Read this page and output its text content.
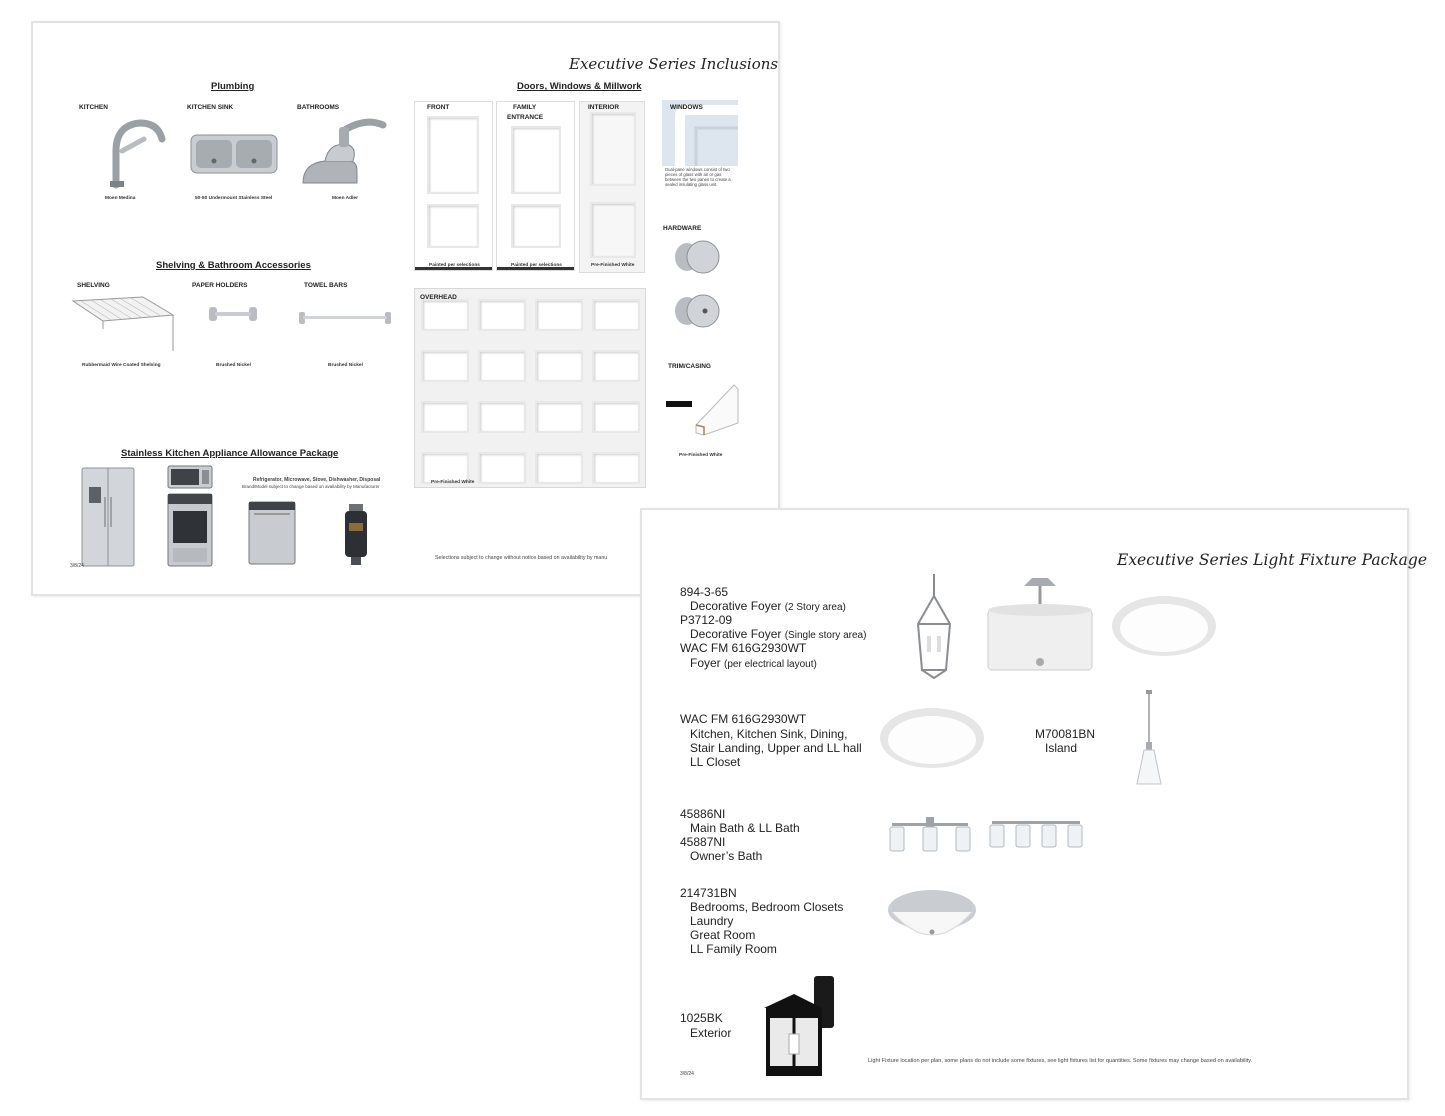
Executive Series Inclusions
Plumbing
KITCHEN	KITCHEN SINK	BATHROOMS
Moen Medina	50-50 Undermount Stainless Steel	Moen Adler
Shelving & Bathroom Accessories
SHELVING	PAPER HOLDERS	TOWEL BARS
Rubbermaid Wire Coated Shelving	Brushed Nickel	Brushed Nickel
Stainless Kitchen Appliance Allowance Package
Refrigerator, Microwave, Stove, Dishwasher, Disposal
Brand/Model subject to change based on availability by Manufacturer
3/8/24
Selections subject to change without notice based on availability by manu
Doors, Windows & Millwork
FRONT
Painted per selections
FAMILY
ENTRANCE
Painted per selections
INTERIOR
Pre-Finished White
WINDOWS
Dual-pane windows consist of two pieces of glass with air or gas between the two panes to create a sealed insulating glass unit.
HARDWARE
TRIM/CASING
Pre-Finished White
OVERHEAD
Pre-Finished White
Executive Series Light Fixture Package
894-3-65
Decorative Foyer (2 Story area)
P3712-09
Decorative Foyer (Single story area)
WAC FM 616G2930WT
Foyer (per electrical layout)
WAC FM 616G2930WT
Kitchen, Kitchen Sink, Dining,
Stair Landing, Upper and LL hall
LL Closet
M70081BN
Island
45886NI
Main Bath & LL Bath
45887NI
Owner’s Bath
214731BN
Bedrooms, Bedroom Closets
Laundry
Great Room
LL Family Room
1025BK
Exterior
3/8/24
Light Fixture location per plan, some plans do not include some fixtures, see light fixtures list for quantities. Some fixtures may change based on availability.
